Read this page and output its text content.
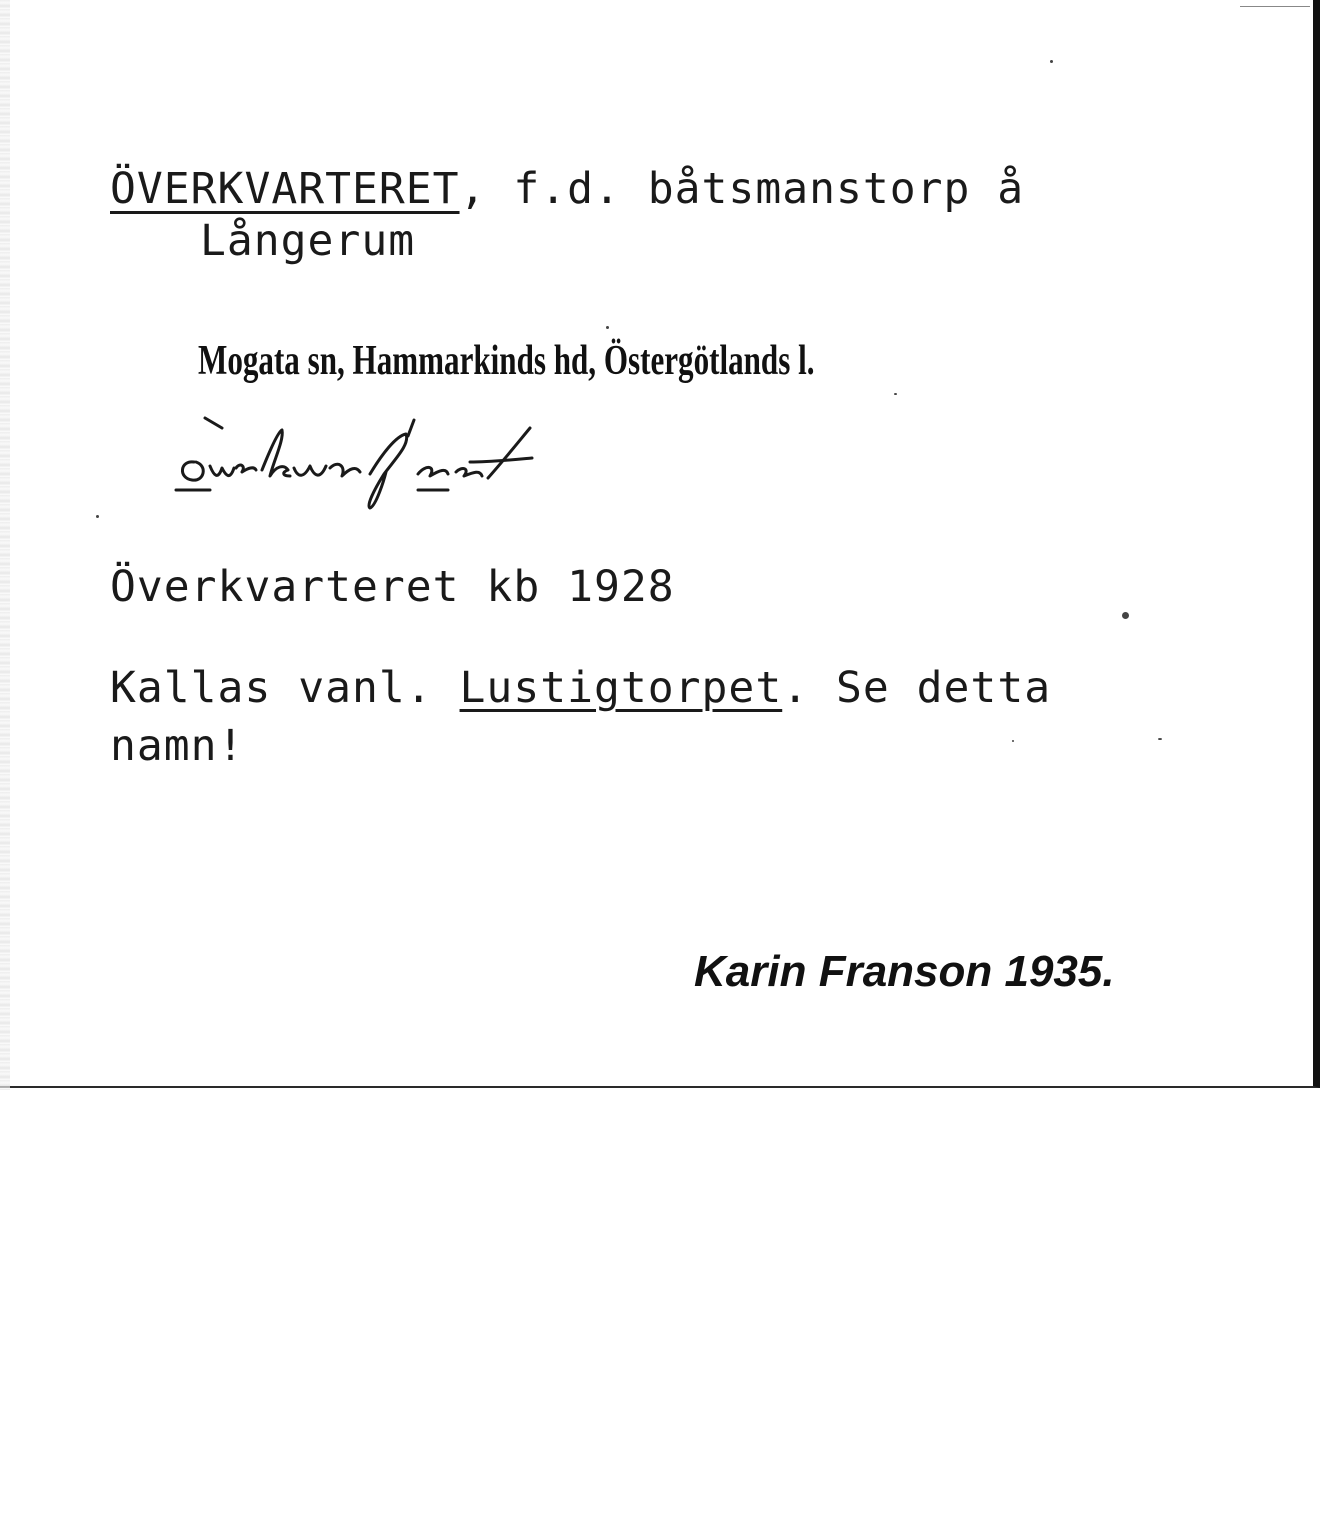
ÖVERKVARTERET, f.d. båtsmanstorp å

Långerum

Mogata sn, Hammarkinds hd, Östergötlands l.

Överkvarteret kb 1928

Kallas vanl. Lustigtorpet. Se detta

namn!

Karin Franson 1935.
